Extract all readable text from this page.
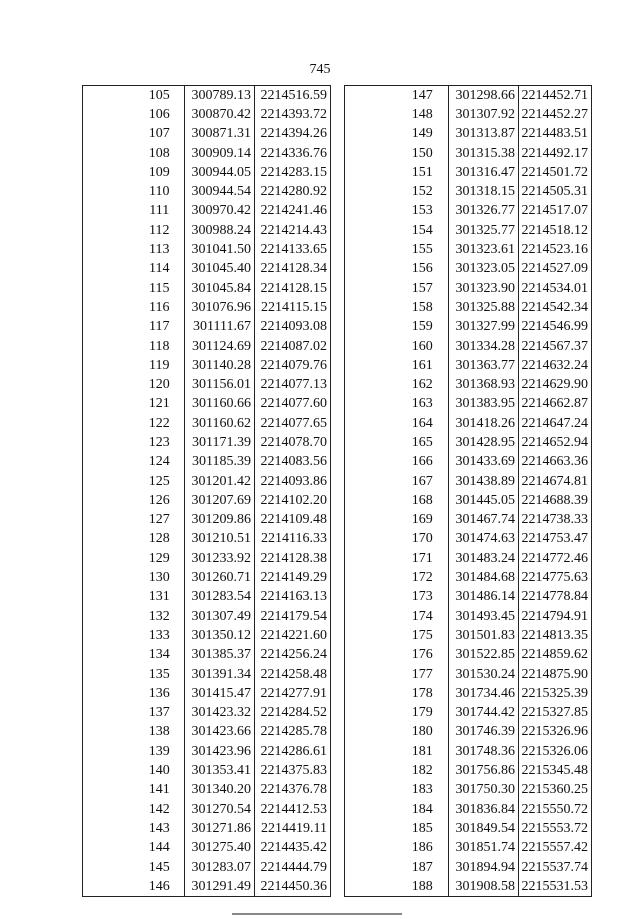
745
	105	300789.13	2214516.59
	106	300870.42	2214393.72
	107	300871.31	2214394.26
	108	300909.14	2214336.76
	109	300944.05	2214283.15
	110	300944.54	2214280.92
	111	300970.42	2214241.46
	112	300988.24	2214214.43
	113	301041.50	2214133.65
	114	301045.40	2214128.34
	115	301045.84	2214128.15
	116	301076.96	2214115.15
	117	301111.67	2214093.08
	118	301124.69	2214087.02
	119	301140.28	2214079.76
	120	301156.01	2214077.13
	121	301160.66	2214077.60
	122	301160.62	2214077.65
	123	301171.39	2214078.70
	124	301185.39	2214083.56
	125	301201.42	2214093.86
	126	301207.69	2214102.20
	127	301209.86	2214109.48
	128	301210.51	2214116.33
	129	301233.92	2214128.38
	130	301260.71	2214149.29
	131	301283.54	2214163.13
	132	301307.49	2214179.54
	133	301350.12	2214221.60
	134	301385.37	2214256.24
	135	301391.34	2214258.48
	136	301415.47	2214277.91
	137	301423.32	2214284.52
	138	301423.66	2214285.78
	139	301423.96	2214286.61
	140	301353.41	2214375.83
	141	301340.20	2214376.78
	142	301270.54	2214412.53
	143	301271.86	2214419.11
	144	301275.40	2214435.42
	145	301283.07	2214444.79
	146	301291.49	2214450.36
	147	301298.66	2214452.71
	148	301307.92	2214452.27
	149	301313.87	2214483.51
	150	301315.38	2214492.17
	151	301316.47	2214501.72
	152	301318.15	2214505.31
	153	301326.77	2214517.07
	154	301325.77	2214518.12
	155	301323.61	2214523.16
	156	301323.05	2214527.09
	157	301323.90	2214534.01
	158	301325.88	2214542.34
	159	301327.99	2214546.99
	160	301334.28	2214567.37
	161	301363.77	2214632.24
	162	301368.93	2214629.90
	163	301383.95	2214662.87
	164	301418.26	2214647.24
	165	301428.95	2214652.94
	166	301433.69	2214663.36
	167	301438.89	2214674.81
	168	301445.05	2214688.39
	169	301467.74	2214738.33
	170	301474.63	2214753.47
	171	301483.24	2214772.46
	172	301484.68	2214775.63
	173	301486.14	2214778.84
	174	301493.45	2214794.91
	175	301501.83	2214813.35
	176	301522.85	2214859.62
	177	301530.24	2214875.90
	178	301734.46	2215325.39
	179	301744.42	2215327.85
	180	301746.39	2215326.96
	181	301748.36	2215326.06
	182	301756.86	2215345.48
	183	301750.30	2215360.25
	184	301836.84	2215550.72
	185	301849.54	2215553.72
	186	301851.74	2215557.42
	187	301894.94	2215537.74
	188	301908.58	2215531.53
